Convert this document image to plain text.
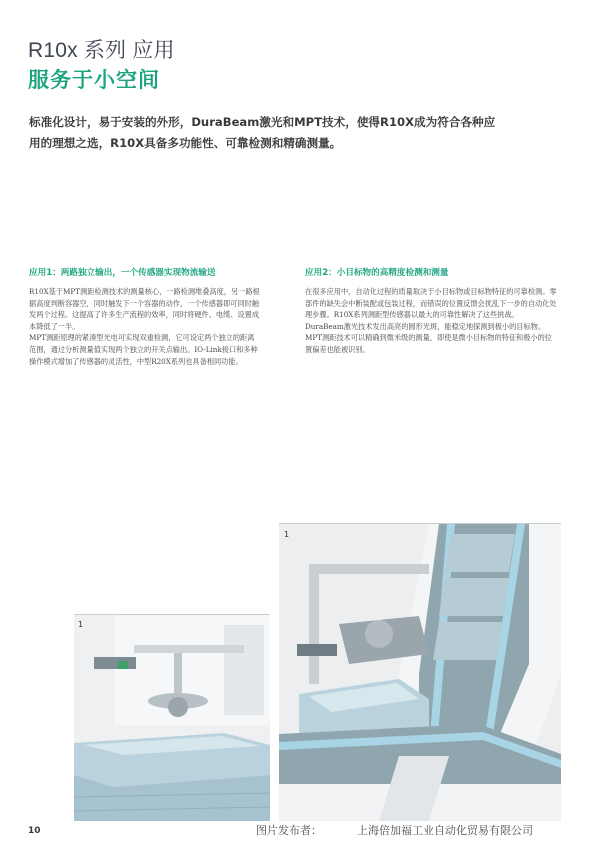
R10x 系列 应用
服务于小空间
标准化设计，易于安装的外形，DuraBeam激光和MPT技术，使得R10X成为符合各种应
用的理想之选，R10X具备多功能性、可靠检测和精确测量。
应用1：两路独立输出，一个传感器实现物流输送

R10X基于MPT测距检测技术的测量核心，一路检测堆叠高度，另一路根据高度判断容器空，同时触发下一个容器的动作，一个传感器即可同时触发两个过程。这提高了许多生产流程的效率，同时将硬件、电缆、设置成本降低了一半。

MPT测距原理的紧凑型光电可实现双重检测，它可设定两个独立的距离范围，通过分析测量值实现两个独立的开关点输出。IO-Link接口和多种操作模式增加了传感器的灵活性，中型R20X系列也具备相同功能。

应用2：小目标物的高精度检测和测量

在很多应用中，自动化过程的质量取决于小目标物或目标物特征的可靠检测。零部件的缺失会中断装配或包装过程，而错误的位置反馈会扰乱下一步的自动化处理步骤。R10X系列测距型传感器以最大的可靠性解决了这些挑战。DuraBeam激光技术发出高亮的圆形光斑，能稳定地探测到极小的目标物。MPT测距技术可以精确到微米级的测量，即使是微小目标物的特征和极小的位置偏差也能被识别。

1
1
10	图片发布者：	上海倍加福工业自动化贸易有限公司
